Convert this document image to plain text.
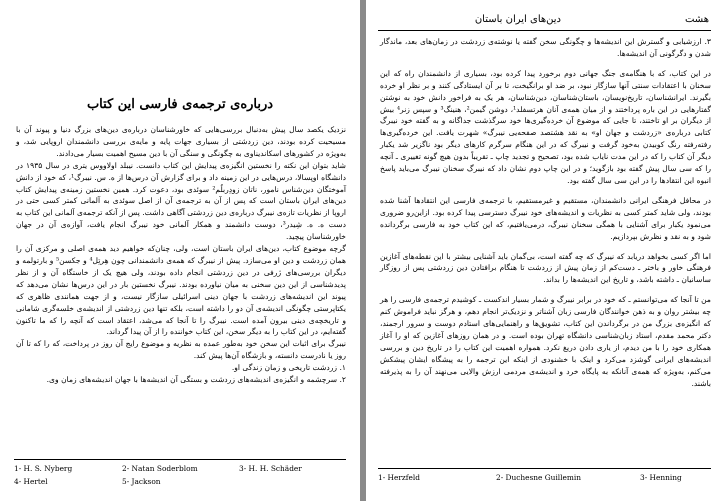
درباره‌ی ترجمه‌ی فارسی این کتاب

نزدیک یکصد سال پیش به‌دنبال بررسی‌هایی که خاورشناسان درباره‌ی دین‌های بزرگ دنیا و پیوند آن با مسیحیت کرده بودند، دین زردشتی از بسیاری جهات پایه و مایه‌ی بررسی دانشمندان اروپایی شد، و به‌ویژه در کشورهای اسکاندیناوی به چگونگی و سنگی آن با دین مسیح اهمیت بسیار می‌دادند.

شاید بتوان این نکته را نخستین انگیزه‌ی پیدایش این کتاب دانست. نیبلد اولاووس یتری در سال ۱۹۳۵ در دانشگاه اوپسالا، درس‌هایی در این زمینه داد و برای گزارش آن درس‌ها از ه. س. نیبرگ¹، که خود از دانش آموختگان دین‌شناس نامور، ناتان زودِربلُم² سوئدی بود، دعوت کرد. همین نخستین زمینه‌ی پیدایش کتاب دین‌های ایران باستان است که پس از آن به ترجمه‌ی آن از اصل سوئدی به آلمانی کمتر کسی حتی در اروپا از نظریات تازه‌ی نیبرگ درباره‌ی دین زردشتی آگاهی داشت. پس از آنکه ترجمه‌ی آلمانی این کتاب به دست ه. ه. شِیدر³، دوست دانشمند و همکار آلمانی خود نیبرگ انجام یافت، آوازه‌ی آن در جهان خاورشناسان پیچید.

گرچه موضوع کتاب، دین‌های ایران باستان است، ولی، چنان‌که خواهیم دید همه‌ی اصلی و مرکزی آن را همان زردشت و دین او می‌سازد. پیش از نیبرگ که همه‌ی دانشمندانی چون هِرتِل⁴ و جکسن⁵ و بارتولمه و دیگران بررسی‌های ژرفی در دین زردشتی انجام داده بودند، ولی هیچ یک از خاستگاه آن و از نظر پدیدشناسی از این دین سخنی به میان نیاورده بودند. نیبرگ نخستین بار در این درس‌ها نشان می‌دهد که پیوند این اندیشه‌های زردشت با جهان دینی اسرائیلی سازگار نیست، و از جهت همانندی ظاهری که یکتاپرستی چگونگی اندیشه‌ی آن دو را داشته است، بلکه تنها دین زردشتی از اندیشه‌ی خلسه‌گری شامانی و تاریخچه‌ی دینی بیرون آمده است. نیبرگ را تا آنجا که می‌شد، اعتقاد است که آنچه را که ما تاکنون گفته‌ایم، در این کتاب را به دیگر سخن، این کتاب خواننده را از آن پیدا گرداند.

نیبرگ برای اثبات این سخن خود به‌طور عمده به نظریه و موضوع رایج آن روز در پرداخت، که را که تا آن روز یا نادرست دانسته، و بازشگاه آن‌ها پیش کند.

۱. زردشت تاریخی و زمان زندگی او.

۲. سرچشمه و انگیزه‌ی اندیشه‌های زردشت و بستگی آن اندیشه‌ها با جهان اندیشه‌های زمان وی.

1- H. S. Nyberg	2- Natan Soderblom	3- H. H. Schäder
4- Hertel	5- Jackson
هشت
دین‌های ایران باستان

۳. ارزشیابی و گسترش این اندیشه‌ها و چگونگی سخن گفته یا نوشته‌ی زردشت در زمان‌های بعد، ماندگار شدن و دگرگونی آن اندیشه‌ها.

در این کتاب، که با هنگامه‌ی جنگ جهانی دوم برخورد پیدا کرده بود، بسیاری از دانشمندان راه که این سخنان با اعتقادات سنتی آنها سازگار نبود، بر ضد او برانگیخت، تا بر آن ایستادگی کنند و بر نظر او خرده بگیرند. ایرانشناسان، تاریخ‌نویسان، باستان‌شناسان، دین‌شناسان، هر یک به فراخور دانش خود به نوشتن گفتارهایی در این باره پرداختند و از میان همه‌ی آنان هرتسفلد¹، دوشن گیمن²، هنینگ³ و سپس زنر⁴ بیش از دیگران بر او تاختند، تا جایی که موضوع آن خرده‌گیری‌ها خود سرگذشت جداگانه و به گفته خود نیبرگ کتابی درباره‌ی «زردشت و جهان او» به نقد هشتصد صفحه‌یی نیبرگ» شهرت یافت. این خرده‌گیری‌ها رفته‌رفته رنگ کوبیدن به‌خود گرفت و نیبرگ که در این هنگام سرگرم کارهای دیگر بود ناگزیر شد یکبار دیگر آن کتاب را که در این مدت نایاب شده بود، تصحیح و تجدید چاپ ـ تقریباً بدون هیچ گونه تغییری ـ آنچه را که سی سال پیش گفته بود بازگوید؛ و در این چاپ دوم نشان داد که نیبرگ سخنان نیبرگ می‌باید پاسخ انبوه این انتقادها را در این سی سال گفته بود.

در محافل فرهنگی ایرانی دانشمندان، مستقیم و غیرمستقیم، با ترجمه‌ی فارسی این انتقادها آشنا شده بودند، ولی شاید کمتر کسی به نظریات و اندیشه‌های خود نیبرگ دسترسی پیدا کرده بود. ازاین‌رو ضروری می‌نمود یکبار برای آشنایی با همگی سخنان نیبرگ، درمی‌یافتیم، که این کتاب خود به فارسی برگردانده شود و به نقد و نظرش بپردازیم.

اما اگر کسی بخواهد دریابد که نیبرگ که چه گفته است، بی‌گمان باید آشنایی بیشتر با این نقطه‌های آغازین فرهنگی خاور و باختر ـ دست‌کم از زمان پیش از زردشت تا هنگام برافتادن دین زردشتی پس از روزگار ساسانیان ـ داشته باشد، و تاریخ این اندیشه‌ها را بداند.

من تا آنجا که می‌توانستم ـ که خود در برابر نیبرگ و شمار بسیار اندکست ـ کوشیدم ترجمه‌ی فارسی را هر چه بیشتر روان و به ذهن خوانندگان فارسی زبان آشناتر و نزدیک‌تر انجام دهم، و هرگز نباید فراموش کنم که انگیزه‌ی بزرگ من در برگرداندن این کتاب، تشویق‌ها و راهنمایی‌های استادم دوست و سرور ارجمند، دکتر محمد مقدم، استاد زبان‌شناسی دانشگاه تهران بوده است. و در همان روزهای آغازین که او را آغاز همکاری خود را با من دیدم، از یاری دادن دریغ نکرد. همواره اهمیت این کتاب را در تاریخ دین و بررسی اندیشه‌های ایرانی گوشزد می‌کرد و اینک با خشنودی از اینکه این ترجمه را به پیشگاه ایشان پیشکش می‌کنم، به‌ویژه که همه‌ی آنانکه به پایگاه خرد و اندیشه‌ی مردمی ارزش والایی می‌نهند آن را به پذیرفته باشند.

1- Herzfeld	2- Duchesne Guillemin	3- Henning
